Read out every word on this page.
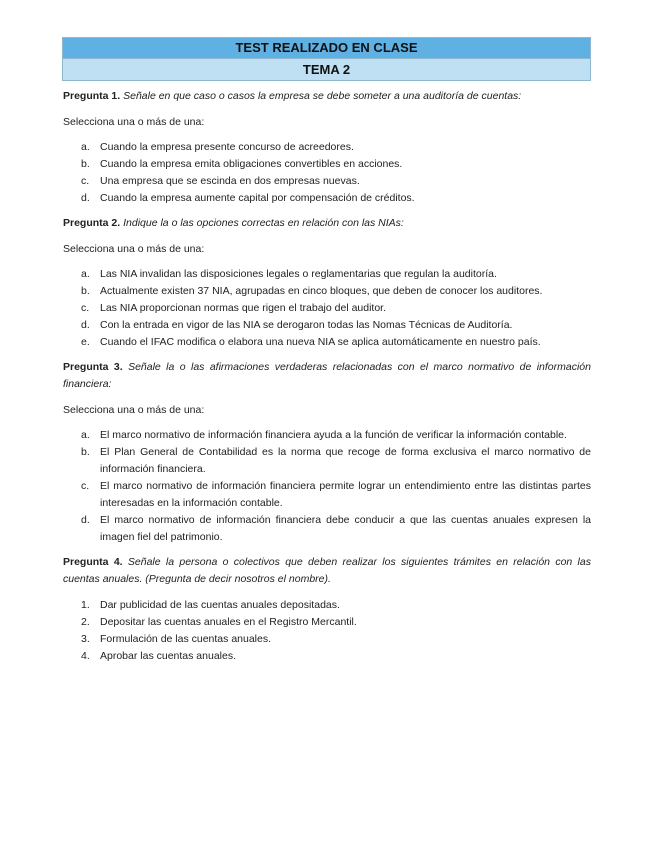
TEST REALIZADO EN CLASE
TEMA 2
Pregunta 1. Señale en que caso o casos la empresa se debe someter a una auditoría de cuentas:
Selecciona una o más de una:
a. Cuando la empresa presente concurso de acreedores.
b. Cuando la empresa emita obligaciones convertibles en acciones.
c. Una empresa que se escinda en dos empresas nuevas.
d. Cuando la empresa aumente capital por compensación de créditos.
Pregunta 2. Indique la o las opciones correctas en relación con las NIAs:
Selecciona una o más de una:
a. Las NIA invalidan las disposiciones legales o reglamentarias que regulan la auditoría.
b. Actualmente existen 37 NIA, agrupadas en cinco bloques, que deben de conocer los auditores.
c. Las NIA proporcionan normas que rigen el trabajo del auditor.
d. Con la entrada en vigor de las NIA se derogaron todas las Nomas Técnicas de Auditoría.
e. Cuando el IFAC modifica o elabora una nueva NIA se aplica automáticamente en nuestro país.
Pregunta 3. Señale la o las afirmaciones verdaderas relacionadas con el marco normativo de información financiera:
Selecciona una o más de una:
a. El marco normativo de información financiera ayuda a la función de verificar la información contable.
b. El Plan General de Contabilidad es la norma que recoge de forma exclusiva el marco normativo de información financiera.
c. El marco normativo de información financiera permite lograr un entendimiento entre las distintas partes interesadas en la información contable.
d. El marco normativo de información financiera debe conducir a que las cuentas anuales expresen la imagen fiel del patrimonio.
Pregunta 4. Señale la persona o colectivos que deben realizar los siguientes trámites en relación con las cuentas anuales. (Pregunta de decir nosotros el nombre).
1. Dar publicidad de las cuentas anuales depositadas.
2. Depositar las cuentas anuales en el Registro Mercantil.
3. Formulación de las cuentas anuales.
4. Aprobar las cuentas anuales.
